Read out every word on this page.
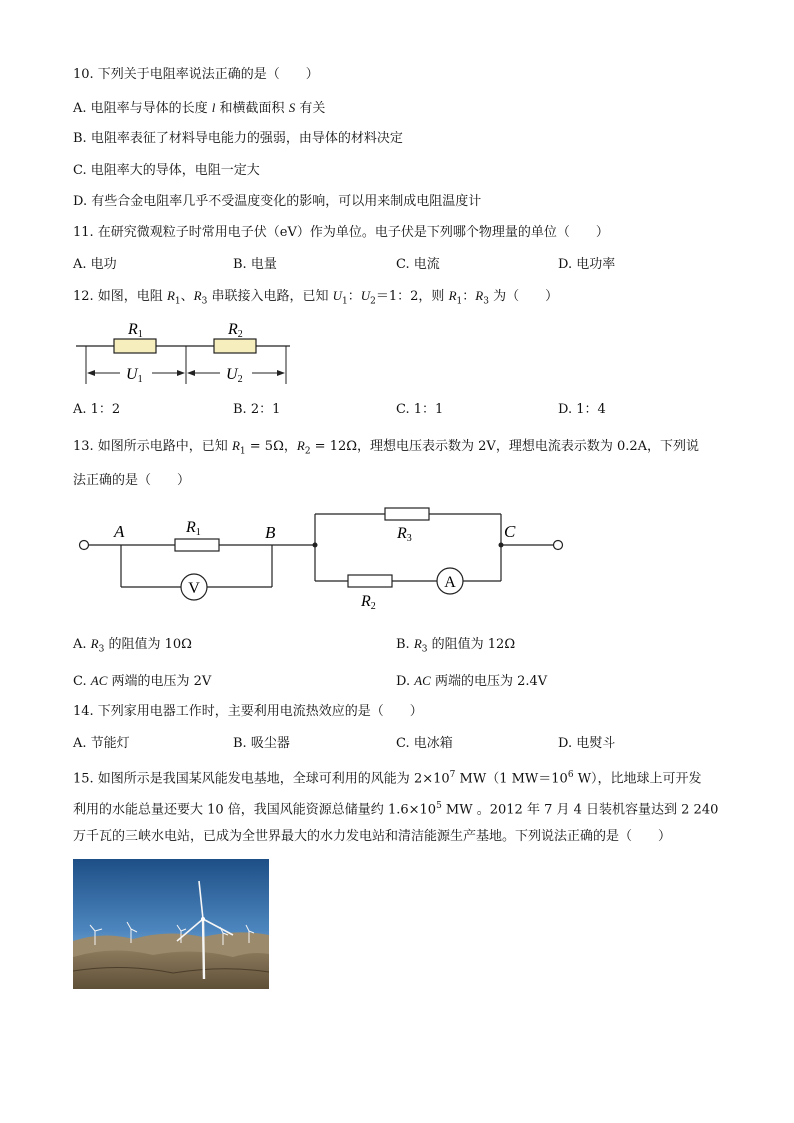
10. 下列关于电阻率说法正确的是（　　）
A. 电阻率与导体的长度 l 和横截面积 S 有关
B. 电阻率表征了材料导电能力的强弱，由导体的材料决定
C. 电阻率大的导体，电阻一定大
D. 有些合金电阻率几乎不受温度变化的影响，可以用来制成电阻温度计
11. 在研究微观粒子时常用电子伏（eV）作为单位。电子伏是下列哪个物理量的单位（　　）
A. 电功	B. 电量	C. 电流	D. 电功率
12. 如图，电阻 $R_1$、$R_3$ 串联接入电路，已知 $U_1$：$U_2=1$：2，则 $R_1$：$R_3$ 为（　　）
R1	R2
U1	U2
A. 1：2	B. 2：1	C. 1：1	D. 1：4
13. 如图所示电路中，已知 $R_1 = 5\Omega$，$R_2 = 12\Omega$，理想电压表示数为 2V，理想电流表示数为 0.2A，下列说
法正确的是（　　）
V	A
A	B	C
R1	R3
R2
A. $R_3$ 的阻值为 10Ω	B. $R_3$ 的阻值为 12Ω
C. AC 两端的电压为 2V	D. AC 两端的电压为 2.4V
14. 下列家用电器工作时，主要利用电流热效应的是（　　）
A. 节能灯	B. 吸尘器	C. 电冰箱	D. 电熨斗
15. 如图所示是我国某风能发电基地，全球可利用的风能为 $2\times 10^7$ MW（1 $MW=10^6$ W），比地球上可开发
利用的水能总量还要大 10 倍，我国风能资源总储量约 $1.6\times 10^5$ MW 。2012 年 7 月 4 日装机容量达到 2 240
万千瓦的三峡水电站，已成为全世界最大的水力发电站和清洁能源生产基地。下列说法正确的是（　　）
